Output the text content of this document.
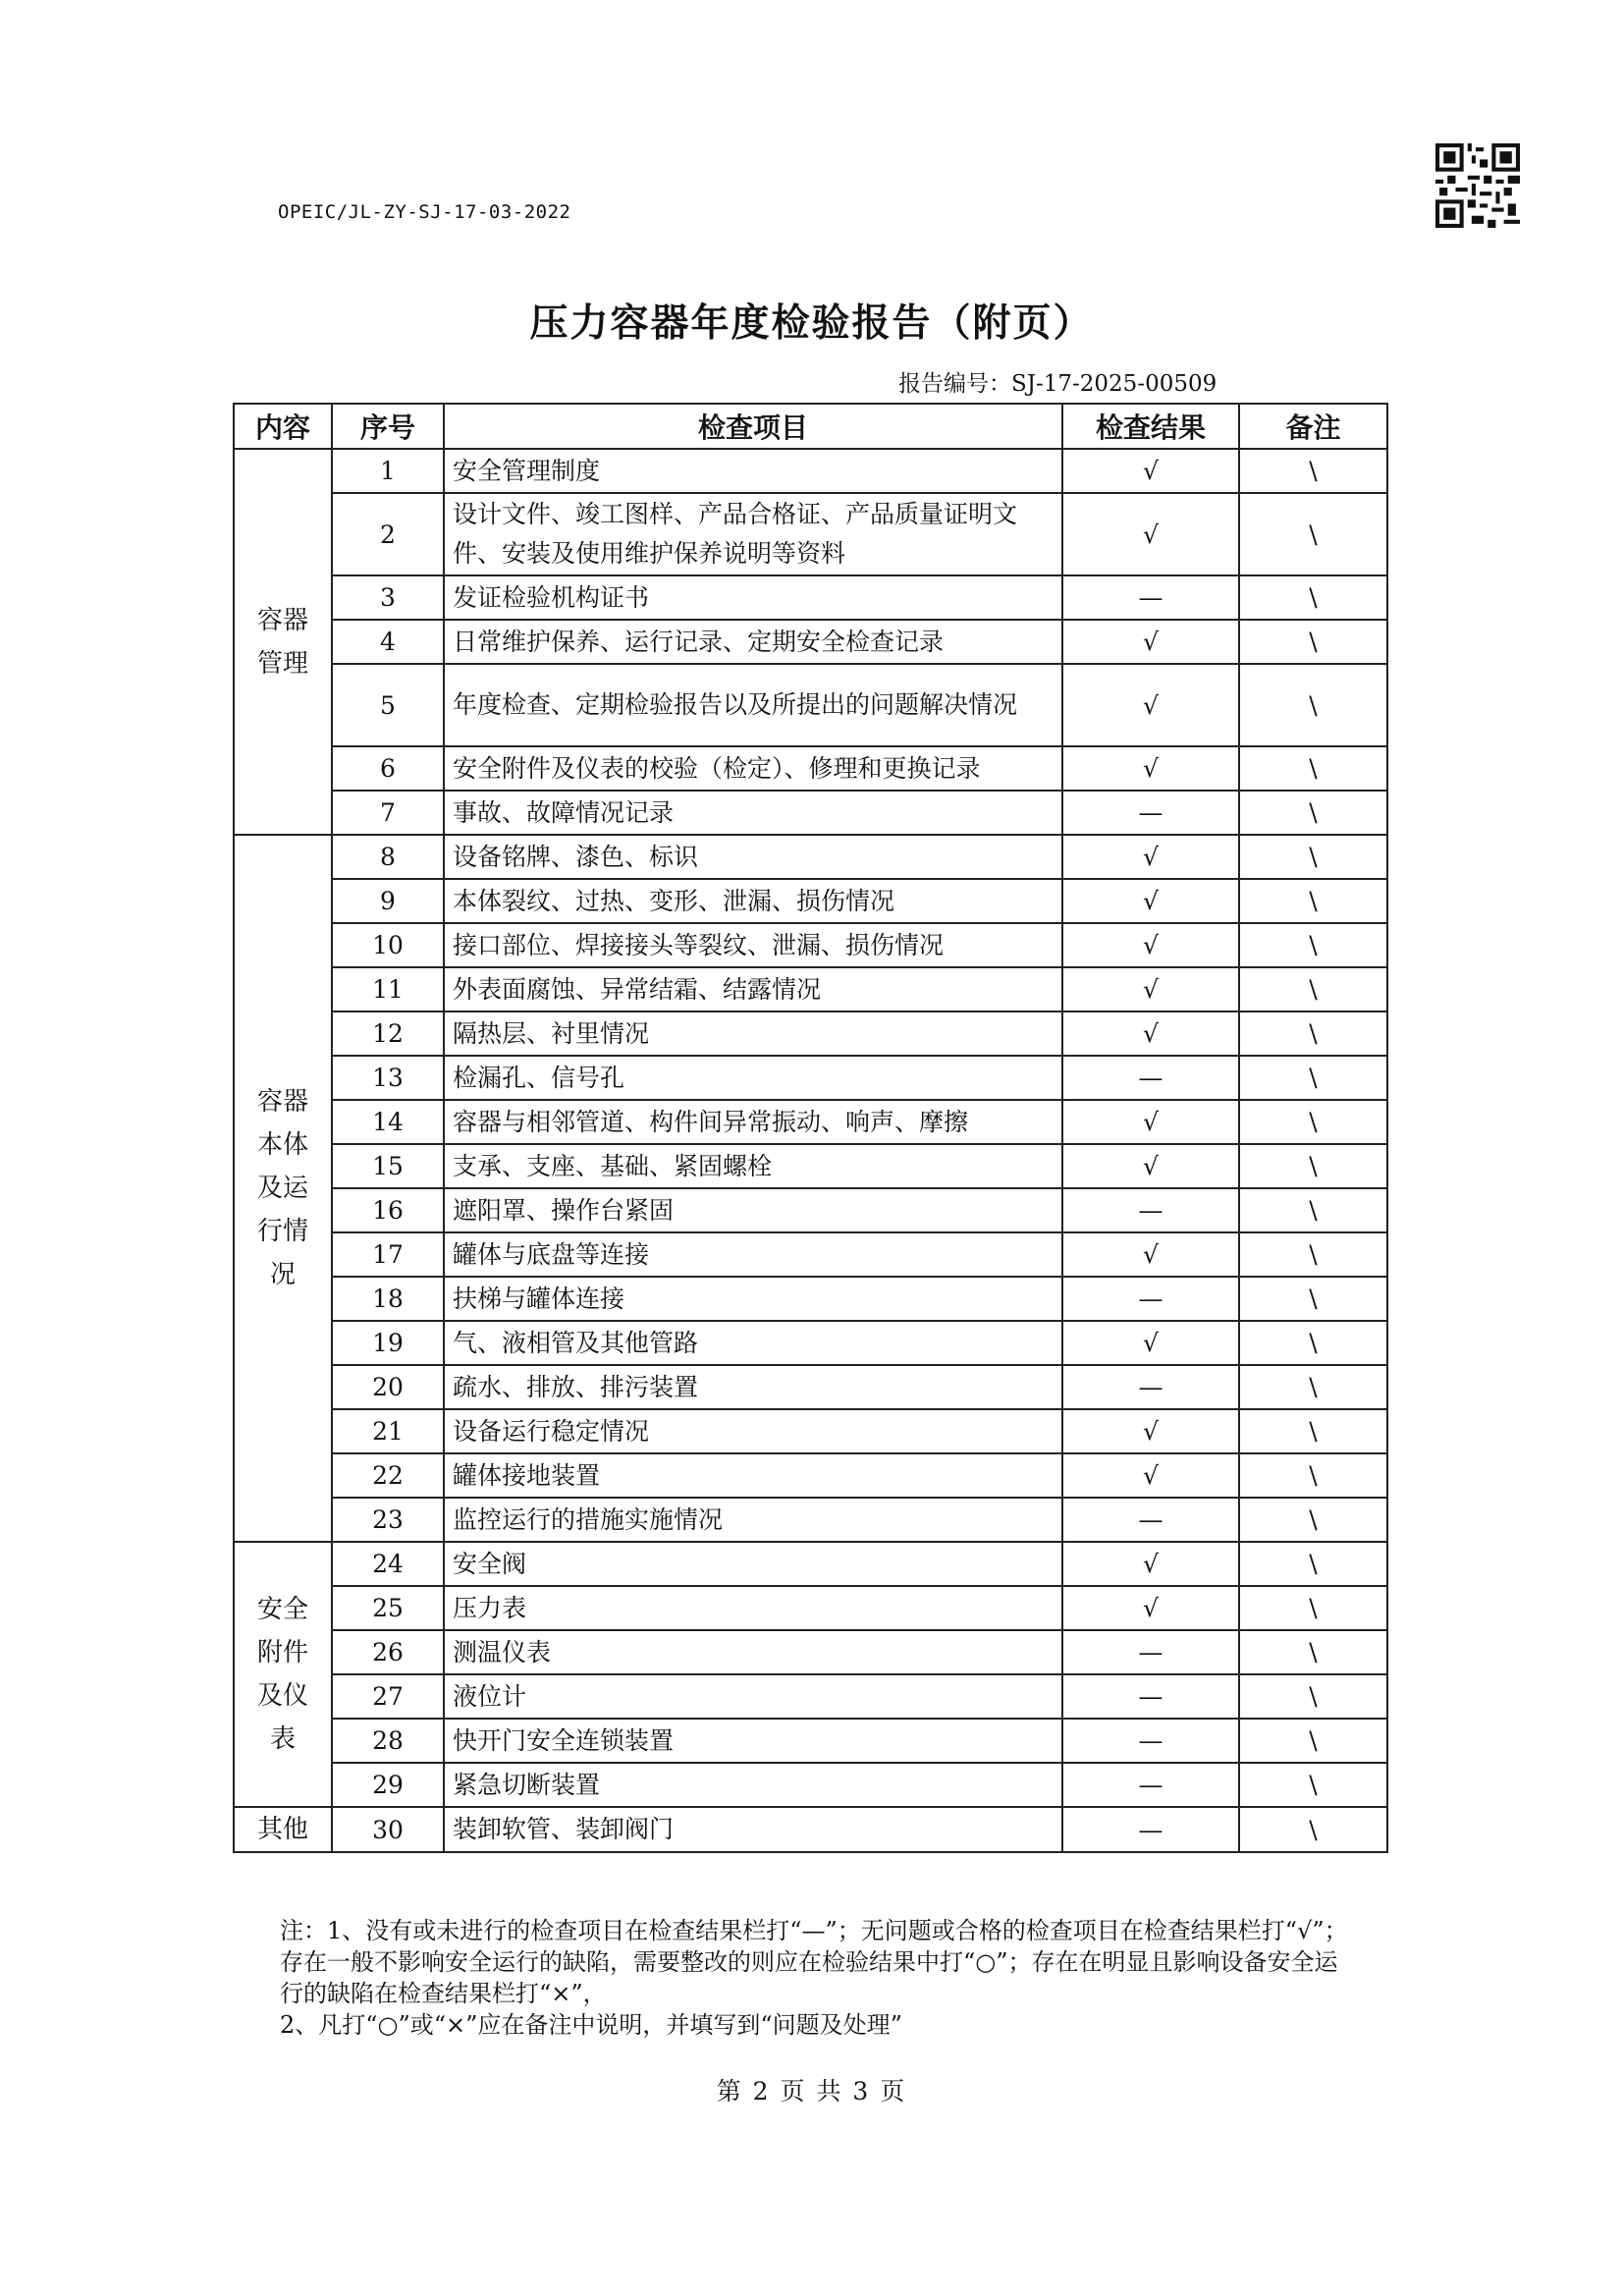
OPEIC/JL-ZY-SJ-17-03-2022
压力容器年度检验报告（附页）
报告编号：SJ-17-2025-00509
内容	序号	检查项目	检查结果	备注
容器
管理	1	安全管理制度	√	\
	2	设计文件、竣工图样、产品合格证、产品质量证明文件、安装及使用维护保养说明等资料	√	\
	3	发证检验机构证书	—	\
	4	日常维护保养、运行记录、定期安全检查记录	√	\
	5	年度检查、定期检验报告以及所提出的问题解决情况	√	\
	6	安全附件及仪表的校验（检定）、修理和更换记录	√	\
	7	事故、故障情况记录	—	\
容器
本体
及运
行情
况	8	设备铭牌、漆色、标识	√	\
	9	本体裂纹、过热、变形、泄漏、损伤情况	√	\
	10	接口部位、焊接接头等裂纹、泄漏、损伤情况	√	\
	11	外表面腐蚀、异常结霜、结露情况	√	\
	12	隔热层、衬里情况	√	\
	13	检漏孔、信号孔	—	\
	14	容器与相邻管道、构件间异常振动、响声、摩擦	√	\
	15	支承、支座、基础、紧固螺栓	√	\
	16	遮阳罩、操作台紧固	—	\
	17	罐体与底盘等连接	√	\
	18	扶梯与罐体连接	—	\
	19	气、液相管及其他管路	√	\
	20	疏水、排放、排污装置	—	\
	21	设备运行稳定情况	√	\
	22	罐体接地装置	√	\
	23	监控运行的措施实施情况	—	\
安全
附件
及仪
表	24	安全阀	√	\
	25	压力表	√	\
	26	测温仪表	—	\
	27	液位计	—	\
	28	快开门安全连锁装置	—	\
	29	紧急切断装置	—	\
其他	30	装卸软管、装卸阀门	—	\

注：1、没有或未进行的检查项目在检查结果栏打“—”；无问题或合格的检查项目在检查结果栏打“√”；存在一般不影响安全运行的缺陷，需要整改的则应在检验结果中打“○”；存在在明显且影响设备安全运行的缺陷在检查结果栏打“×”，

2、凡打“○”或“×”应在备注中说明，并填写到“问题及处理”

第 2 页 共 3 页
